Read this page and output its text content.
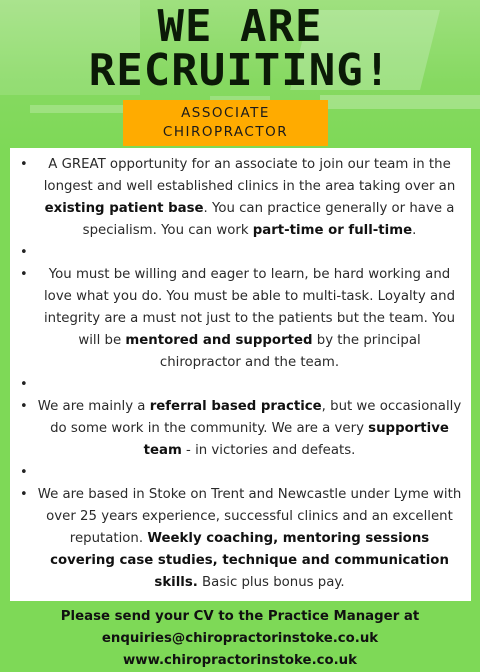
WE ARE
RECRUITING!
ASSOCIATE
CHIROPRACTOR
• A GREAT opportunity for an associate to join our team in the longest and well established clinics in the area taking over an existing patient base. You can practice generally or have a specialism. You can work part-time or full-time.
•
• You must be willing and eager to learn, be hard working and love what you do. You must be able to multi-task. Loyalty and integrity are a must not just to the patients but the team. You will be mentored and supported by the principal chiropractor and the team.
•
• We are mainly a referral based practice, but we occasionally do some work in the community. We are a very supportive team - in victories and defeats.
•
• We are based in Stoke on Trent and Newcastle under Lyme with over 25 years experience, successful clinics and an excellent reputation. Weekly coaching, mentoring sessions covering case studies, technique and communication skills. Basic plus bonus pay.
Please send your CV to the Practice Manager at
enquiries@chiropractorinstoke.co.uk
www.chiropractorinstoke.co.uk
